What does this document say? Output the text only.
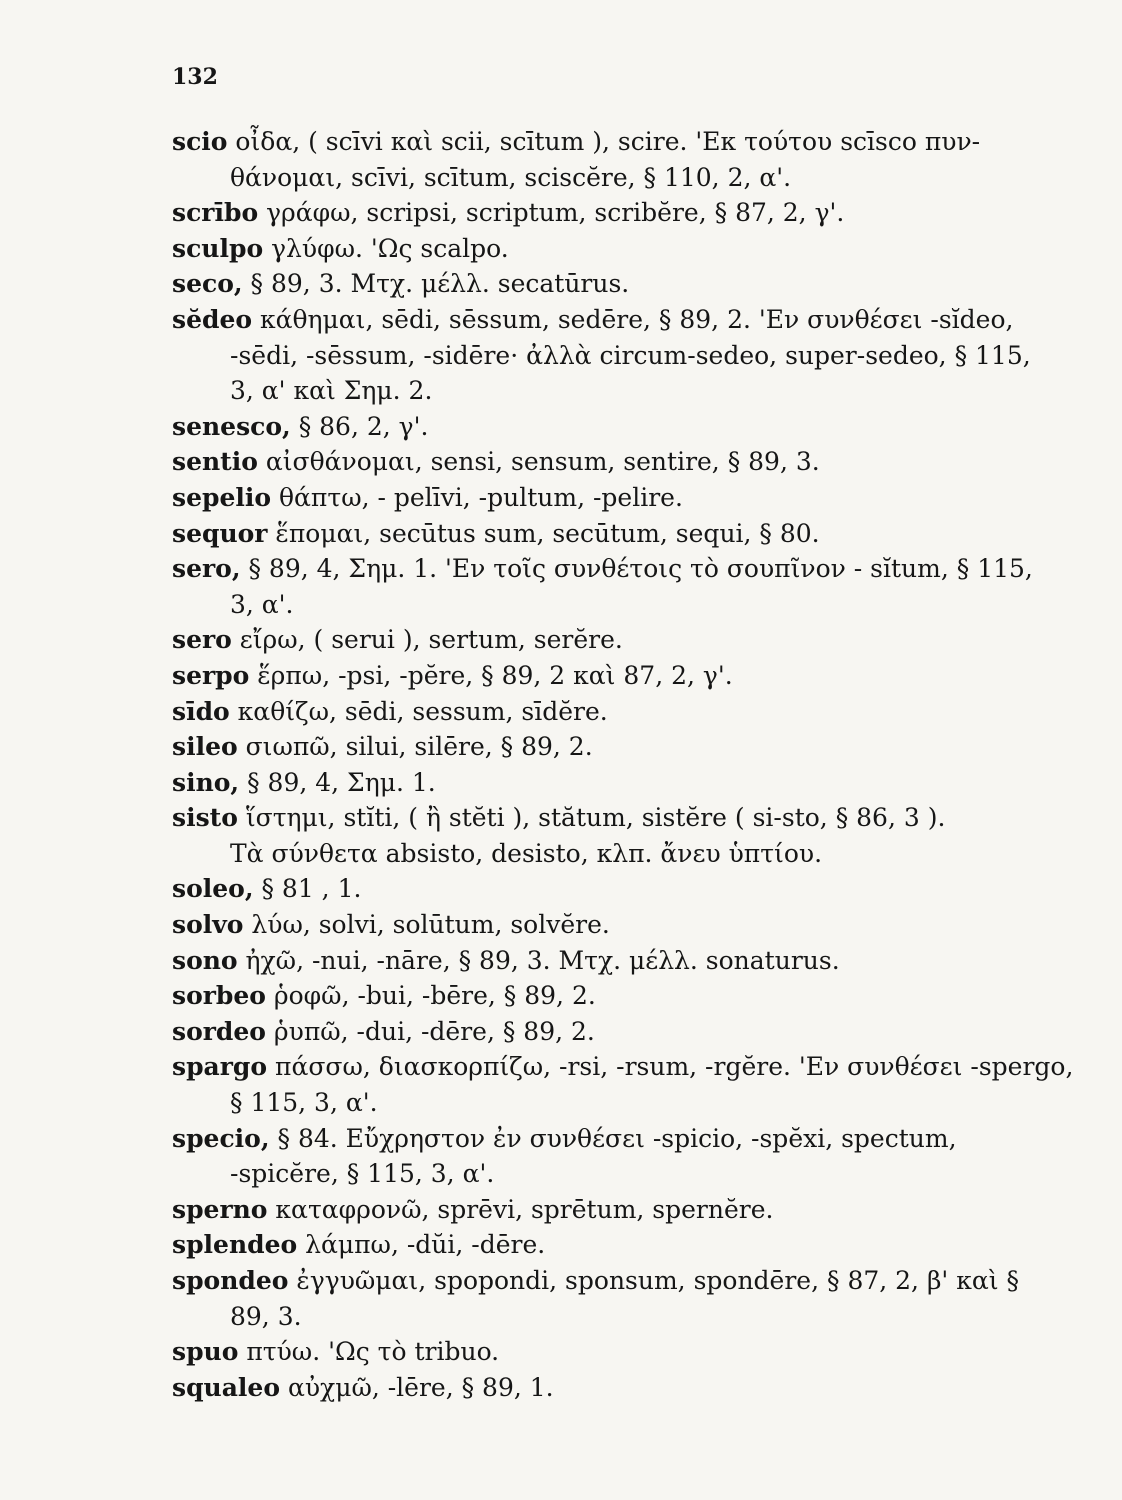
132
scio οἶδα, ( scīvi καὶ scii, scītum ), scire. 'Εκ τούτου scīsco πυν-
θάνομαι, scīvi, scītum, sciscĕre, § 110, 2, α'.
scrībo γράφω, scripsi, scriptum, scribĕre, § 87, 2, γ'.
sculpo γλύφω. 'Ως scalpo.
seco, § 89, 3. Μτχ. μέλλ. secatūrus.
sĕdeo κάθημαι, sēdi, sēssum, sedēre, § 89, 2. 'Εν συνθέσει -sĭdeo,
-sēdi, -sēssum, -sidēre· ἀλλὰ circum-sedeo, super-sedeo, § 115,
3, α' καὶ Σημ. 2.
senesco, § 86, 2, γ'.
sentio αἰσθάνομαι, sensi, sensum, sentire, § 89, 3.
sepelio θάπτω, - pelīvi, -pultum, -pelire.
sequor ἕπομαι, secūtus sum, secūtum, sequi, § 80.
sero, § 89, 4, Σημ. 1. 'Εν τοῖς συνθέτοις τὸ σουπῖνον - sĭtum, § 115,
3, α'.
sero εἴρω, ( serui ), sertum, serĕre.
serpo ἕρπω, -psi, -pĕre, § 89, 2 καὶ 87, 2, γ'.
sīdo καθίζω, sēdi, sessum, sīdĕre.
sileo σιωπῶ, silui, silēre, § 89, 2.
sino, § 89, 4, Σημ. 1.
sisto ἵστημι, stĭti, ( ἢ stĕti ), stătum, sistĕre ( si-sto, § 86, 3 ).
Τὰ σύνθετα absisto, desisto, κλπ. ἄνευ ὑπτίου.
soleo, § 81 , 1.
solvo λύω, solvi, solūtum, solvĕre.
sono ἠχῶ, -nui, -nāre, § 89, 3. Μτχ. μέλλ. sonaturus.
sorbeo ῥοφῶ, -bui, -bēre, § 89, 2.
sordeo ῥυπῶ, -dui, -dēre, § 89, 2.
spargo πάσσω, διασκορπίζω, -rsi, -rsum, -rgĕre. 'Εν συνθέσει -spergo,
§ 115, 3, α'.
specio, § 84. Εὔχρηστον ἐν συνθέσει -spicio, -spĕxi, spectum,
-spicĕre, § 115, 3, α'.
sperno καταφρονῶ, sprēvi, sprētum, spernĕre.
splendeo λάμπω, -dŭi, -dēre.
spondeo ἐγγυῶμαι, spopondi, sponsum, spondēre, § 87, 2, β' καὶ §
89, 3.
spuo πτύω. 'Ως τὸ tribuo.
squaleo αὐχμῶ, -lēre, § 89, 1.
